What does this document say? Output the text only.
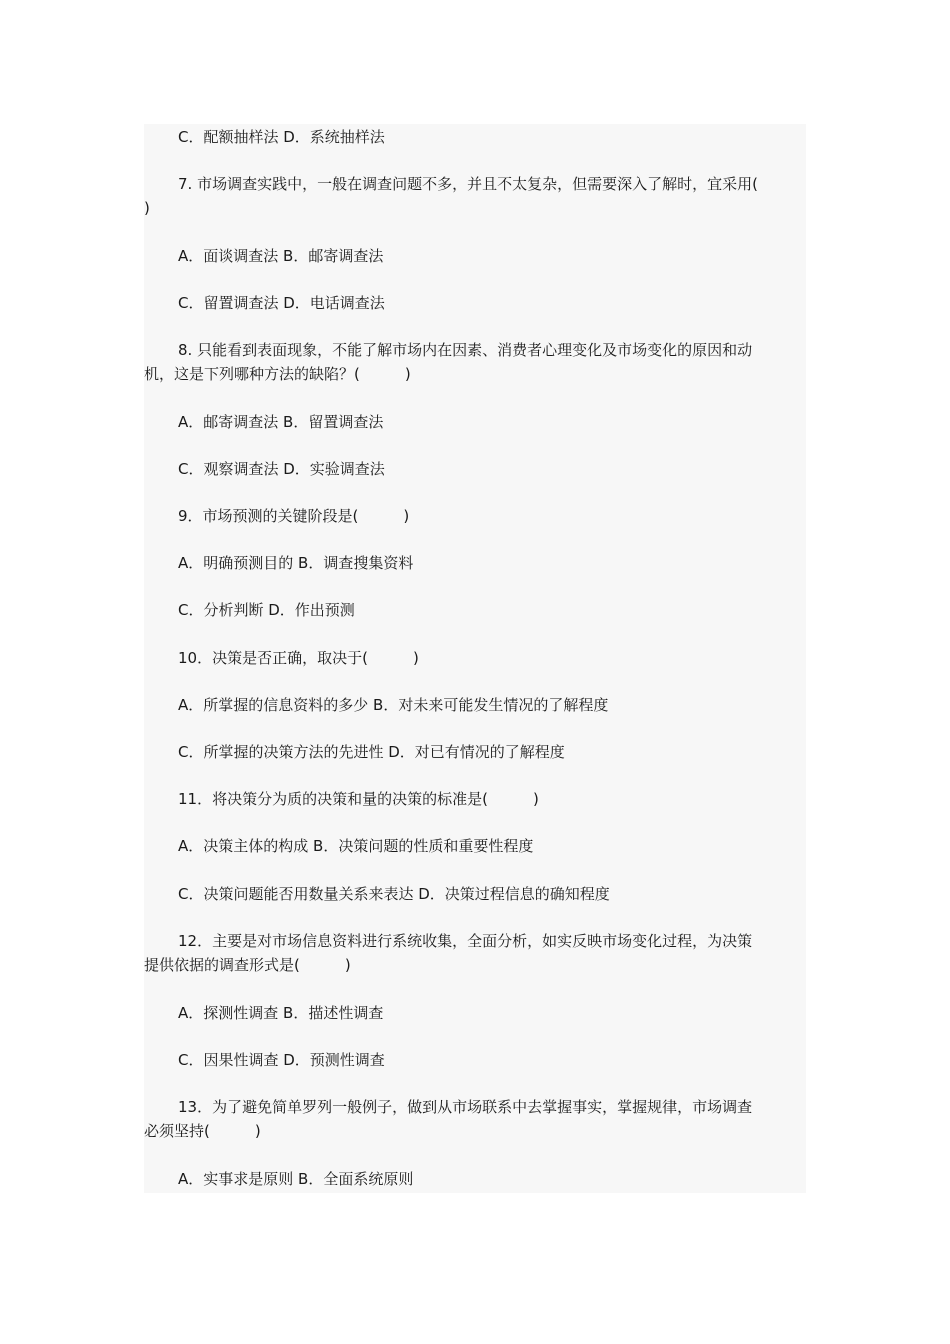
C．配额抽样法 D．系统抽样法
7. 市场调查实践中，一般在调查问题不多，并且不太复杂，但需要深入了解时，宜采用(
)
A．面谈调查法 B．邮寄调查法
C．留置调查法 D．电话调查法
8. 只能看到表面现象，不能了解市场内在因素、消费者心理变化及市场变化的原因和动
机，这是下列哪种方法的缺陷？(　　　)
A．邮寄调查法 B．留置调查法
C．观察调查法 D．实验调查法
9．市场预测的关键阶段是(　　　)
A．明确预测目的 B．调查搜集资料
C．分析判断 D．作出预测
10．决策是否正确，取决于(　　　)
A．所掌握的信息资料的多少 B．对未来可能发生情况的了解程度
C．所掌握的决策方法的先进性 D．对已有情况的了解程度
11．将决策分为质的决策和量的决策的标准是(　　　)
A．决策主体的构成 B．决策问题的性质和重要性程度
C．决策问题能否用数量关系来表达 D．决策过程信息的确知程度
12．主要是对市场信息资料进行系统收集，全面分析，如实反映市场变化过程，为决策
提供依据的调查形式是(　　　)
A．探测性调查 B．描述性调查
C．因果性调查 D．预测性调查
13．为了避免简单罗列一般例子，做到从市场联系中去掌握事实，掌握规律，市场调查
必须坚持(　　　)
A．实事求是原则 B．全面系统原则
